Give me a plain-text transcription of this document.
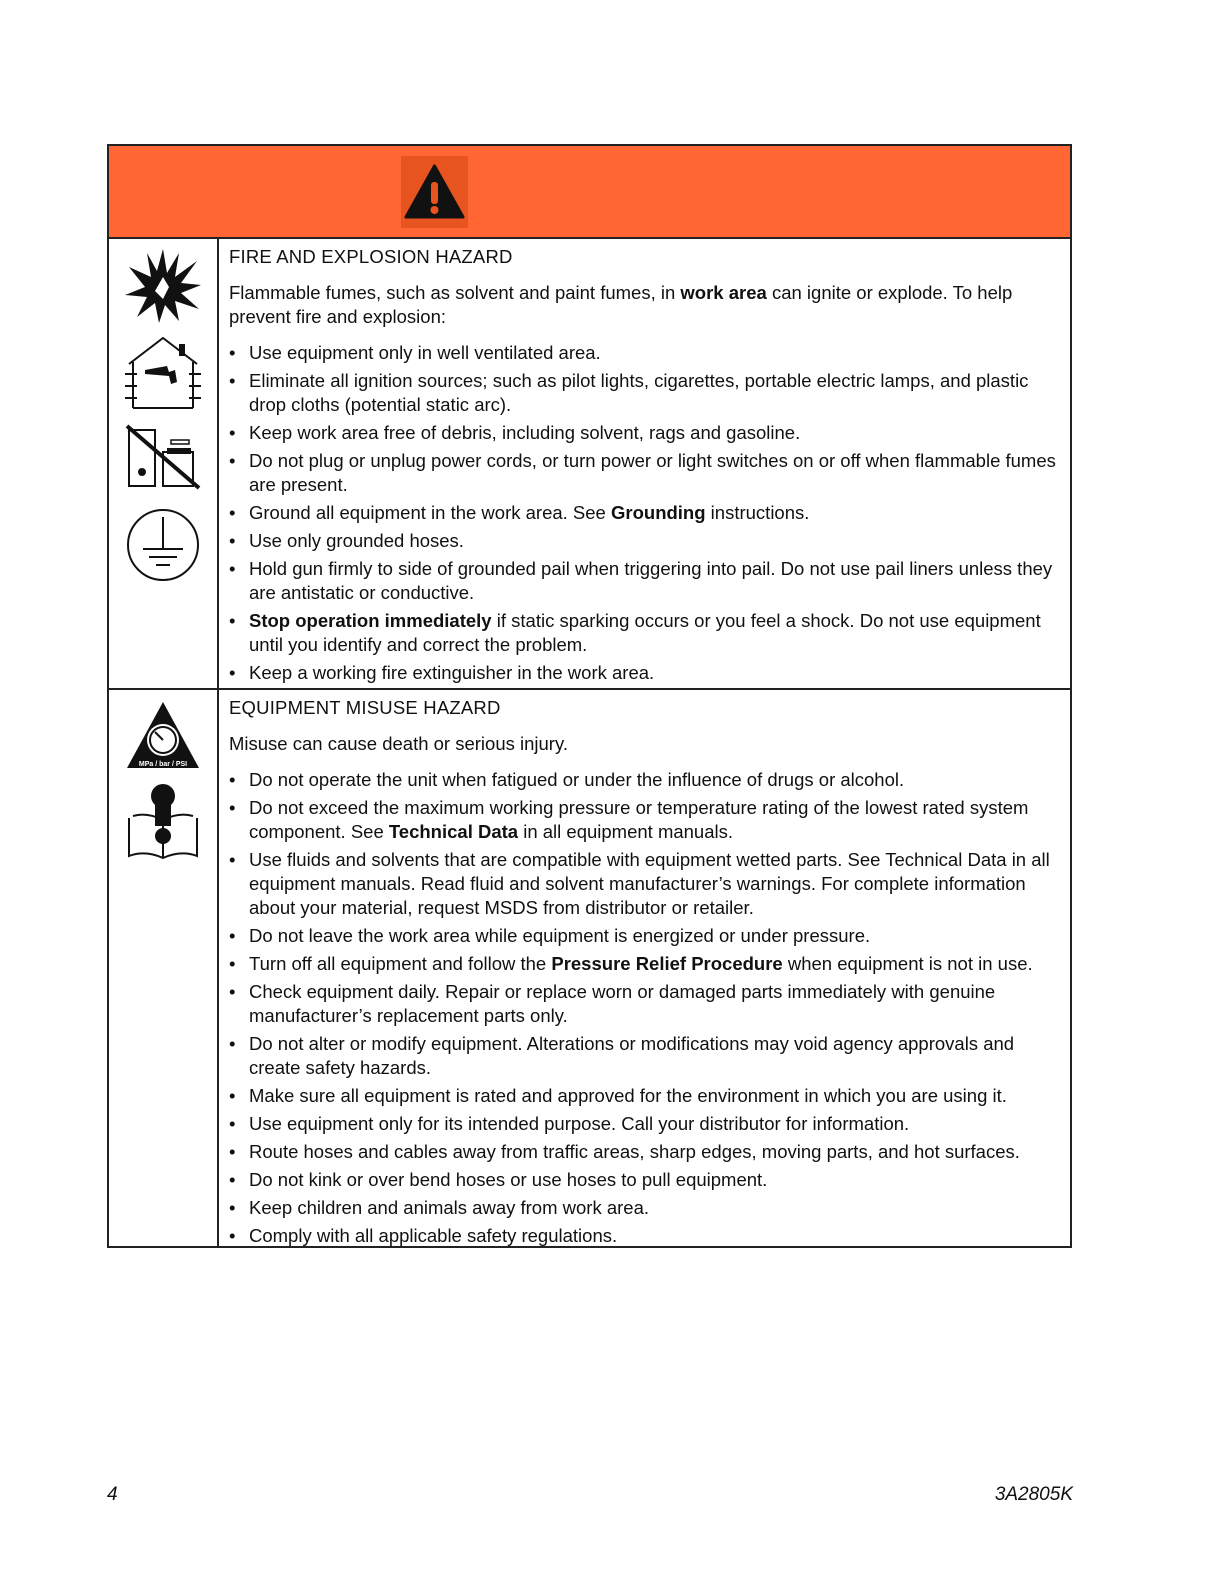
FIRE AND EXPLOSION HAZARD

Flammable fumes, such as solvent and paint fumes, in work area can ignite or explode. To help prevent fire and explosion:

• Use equipment only in well ventilated area.
• Eliminate all ignition sources; such as pilot lights, cigarettes, portable electric lamps, and plastic drop cloths (potential static arc).
• Keep work area free of debris, including solvent, rags and gasoline.
• Do not plug or unplug power cords, or turn power or light switches on or off when flammable fumes are present.
• Ground all equipment in the work area. See Grounding instructions.
• Use only grounded hoses.
• Hold gun firmly to side of grounded pail when triggering into pail. Do not use pail liners unless they are antistatic or conductive.
• Stop operation immediately if static sparking occurs or you feel a shock. Do not use equipment until you identify and correct the problem.
• Keep a working fire extinguisher in the work area.
MPa / bar / PSI
EQUIPMENT MISUSE HAZARD

Misuse can cause death or serious injury.

• Do not operate the unit when fatigued or under the influence of drugs or alcohol.
• Do not exceed the maximum working pressure or temperature rating of the lowest rated system component. See Technical Data in all equipment manuals.
• Use fluids and solvents that are compatible with equipment wetted parts. See Technical Data in all equipment manuals. Read fluid and solvent manufacturer’s warnings. For complete information about your material, request MSDS from distributor or retailer.
• Do not leave the work area while equipment is energized or under pressure.
• Turn off all equipment and follow the Pressure Relief Procedure when equipment is not in use.
• Check equipment daily. Repair or replace worn or damaged parts immediately with genuine manufacturer’s replacement parts only.
• Do not alter or modify equipment. Alterations or modifications may void agency approvals and create safety hazards.
• Make sure all equipment is rated and approved for the environment in which you are using it.
• Use equipment only for its intended purpose. Call your distributor for information.
• Route hoses and cables away from traffic areas, sharp edges, moving parts, and hot surfaces.
• Do not kink or over bend hoses or use hoses to pull equipment.
• Keep children and animals away from work area.
• Comply with all applicable safety regulations.
4	3A2805K
